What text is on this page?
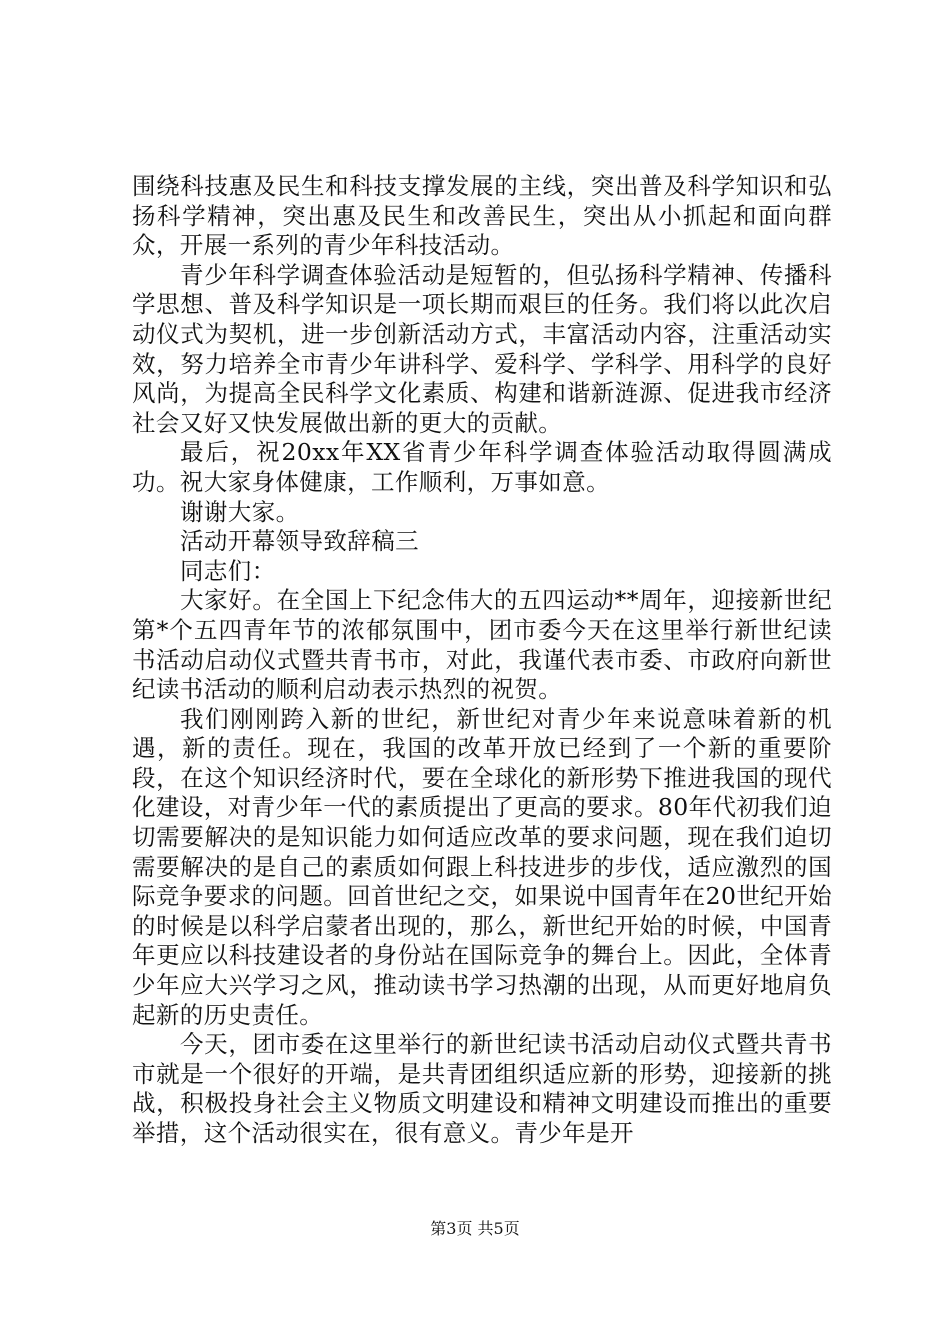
围绕科技惠及民生和科技支撑发展的主线，突出普及科学知识和弘扬科学精神，突出惠及民生和改善民生，突出从小抓起和面向群众，开展一系列的青少年科技活动。

青少年科学调查体验活动是短暂的，但弘扬科学精神、传播科学思想、普及科学知识是一项长期而艰巨的任务。我们将以此次启动仪式为契机，进一步创新活动方式，丰富活动内容，注重活动实效，努力培养全市青少年讲科学、爱科学、学科学、用科学的良好风尚，为提高全民科学文化素质、构建和谐新涟源、促进我市经济社会又好又快发展做出新的更大的贡献。

最后，祝20xx年XX省青少年科学调查体验活动取得圆满成功。祝大家身体健康，工作顺利，万事如意。

谢谢大家。

活动开幕领导致辞稿三

同志们：

大家好。在全国上下纪念伟大的五四运动**周年，迎接新世纪第*个五四青年节的浓郁氛围中，团市委今天在这里举行新世纪读书活动启动仪式暨共青书市，对此，我谨代表市委、市政府向新世纪读书活动的顺利启动表示热烈的祝贺。

我们刚刚跨入新的世纪，新世纪对青少年来说意味着新的机遇，新的责任。现在，我国的改革开放已经到了一个新的重要阶段，在这个知识经济时代，要在全球化的新形势下推进我国的现代化建设，对青少年一代的素质提出了更高的要求。80年代初我们迫切需要解决的是知识能力如何适应改革的要求问题，现在我们迫切需要解决的是自己的素质如何跟上科技进步的步伐，适应激烈的国际竞争要求的问题。回首世纪之交，如果说中国青年在20世纪开始的时候是以科学启蒙者出现的，那么，新世纪开始的时候，中国青年更应以科技建设者的身份站在国际竞争的舞台上。因此，全体青少年应大兴学习之风，推动读书学习热潮的出现，从而更好地肩负起新的历史责任。

今天，团市委在这里举行的新世纪读书活动启动仪式暨共青书市就是一个很好的开端，是共青团组织适应新的形势，迎接新的挑战，积极投身社会主义物质文明建设和精神文明建设而推出的重要举措，这个活动很实在，很有意义。青少年是开

第3页 共5页
